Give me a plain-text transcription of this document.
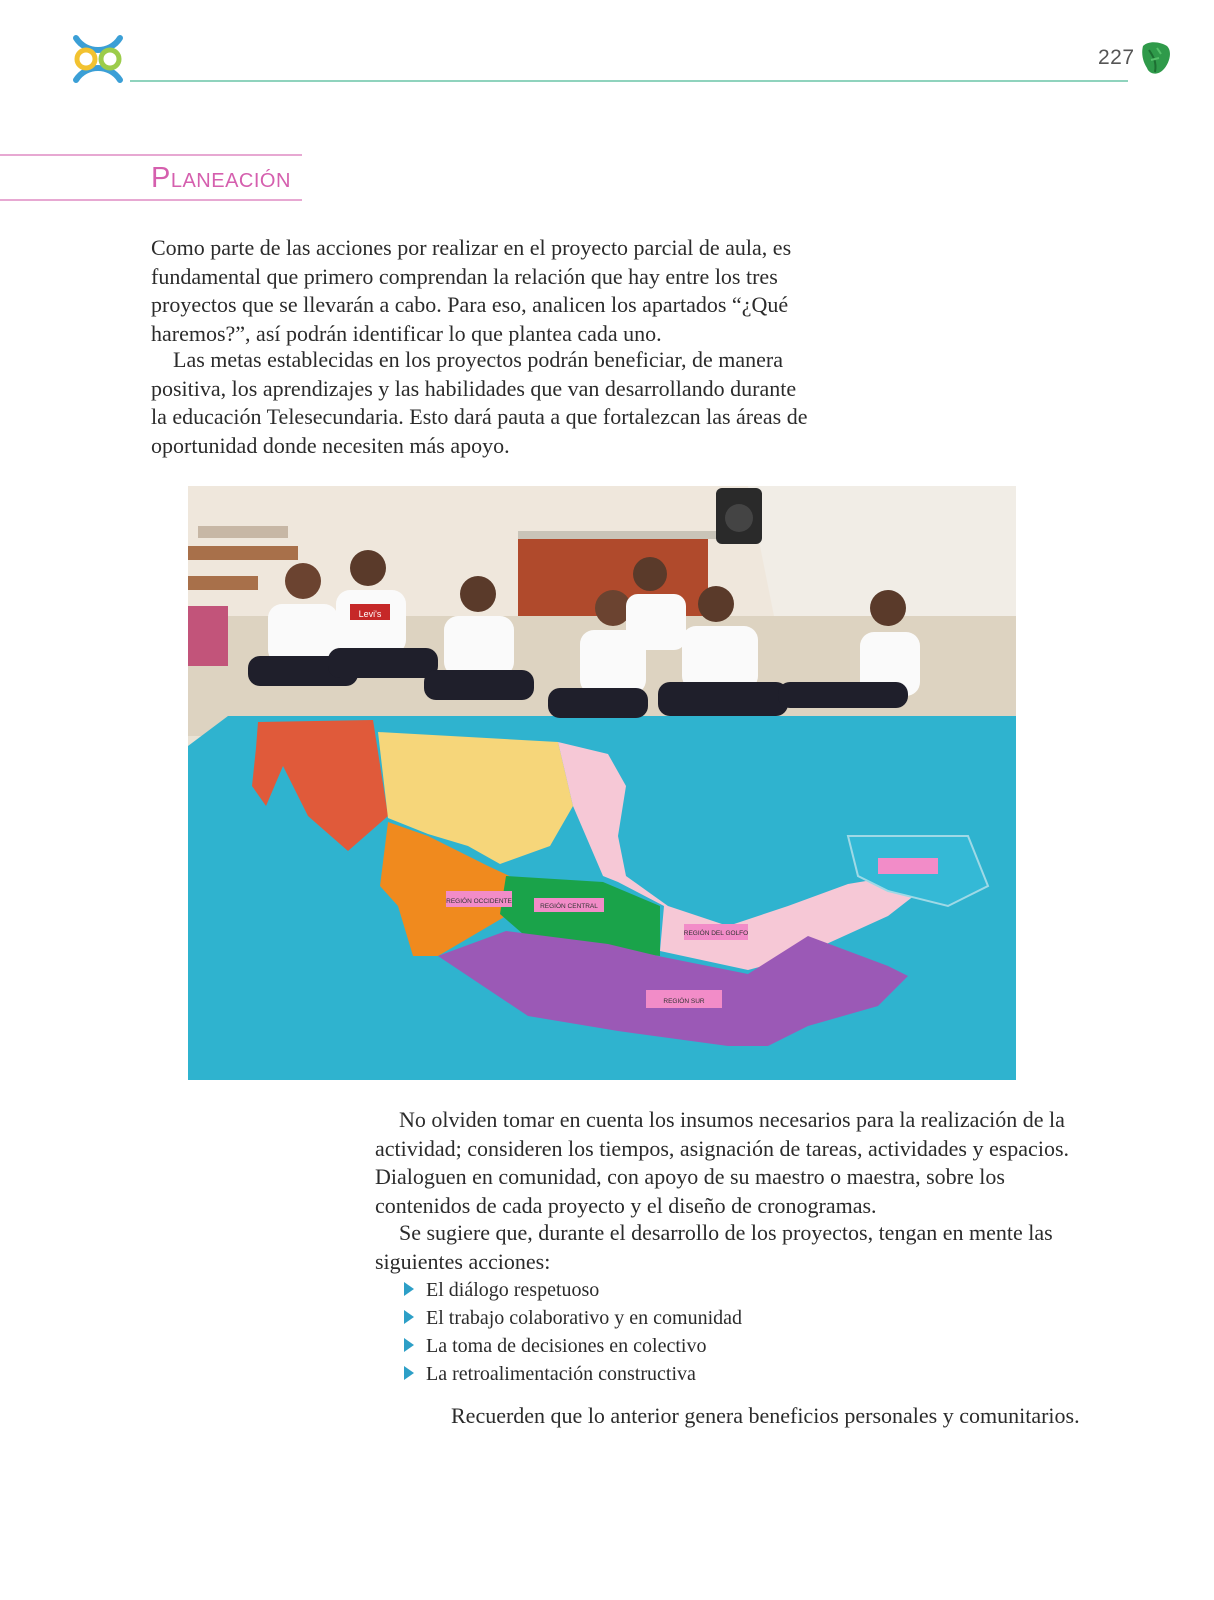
227
Planeación

Como parte de las acciones por realizar en el proyecto parcial de aula, es fundamental que primero comprendan la relación que hay entre los tres proyectos que se llevarán a cabo. Para eso, analicen los apartados “¿Qué haremos?”, así podrán identificar lo que plantea cada uno.

Las metas establecidas en los proyectos podrán beneficiar, de manera positiva, los aprendizajes y las habilidades que van desarrollando durante la educación Telesecundaria. Esto dará pauta a que fortalezcan las áreas de oportunidad donde necesiten más apoyo.

REGIÓN OCCIDENTE
REGIÓN CENTRAL
REGIÓN DEL GOLFO
REGIÓN SUR
Levi's

No olviden tomar en cuenta los insumos necesarios para la realización de la actividad; consideren los tiempos, asignación de tareas, actividades y espacios. Dialoguen en comunidad, con apoyo de su maestro o maestra, sobre los contenidos de cada proyecto y el diseño de cronogramas.

Se sugiere que, durante el desarrollo de los proyectos, tengan en mente las siguientes acciones:

El diálogo respetuoso
El trabajo colaborativo y en comunidad
La toma de decisiones en colectivo
La retroalimentación constructiva

Recuerden que lo anterior genera beneficios personales y comunitarios.
